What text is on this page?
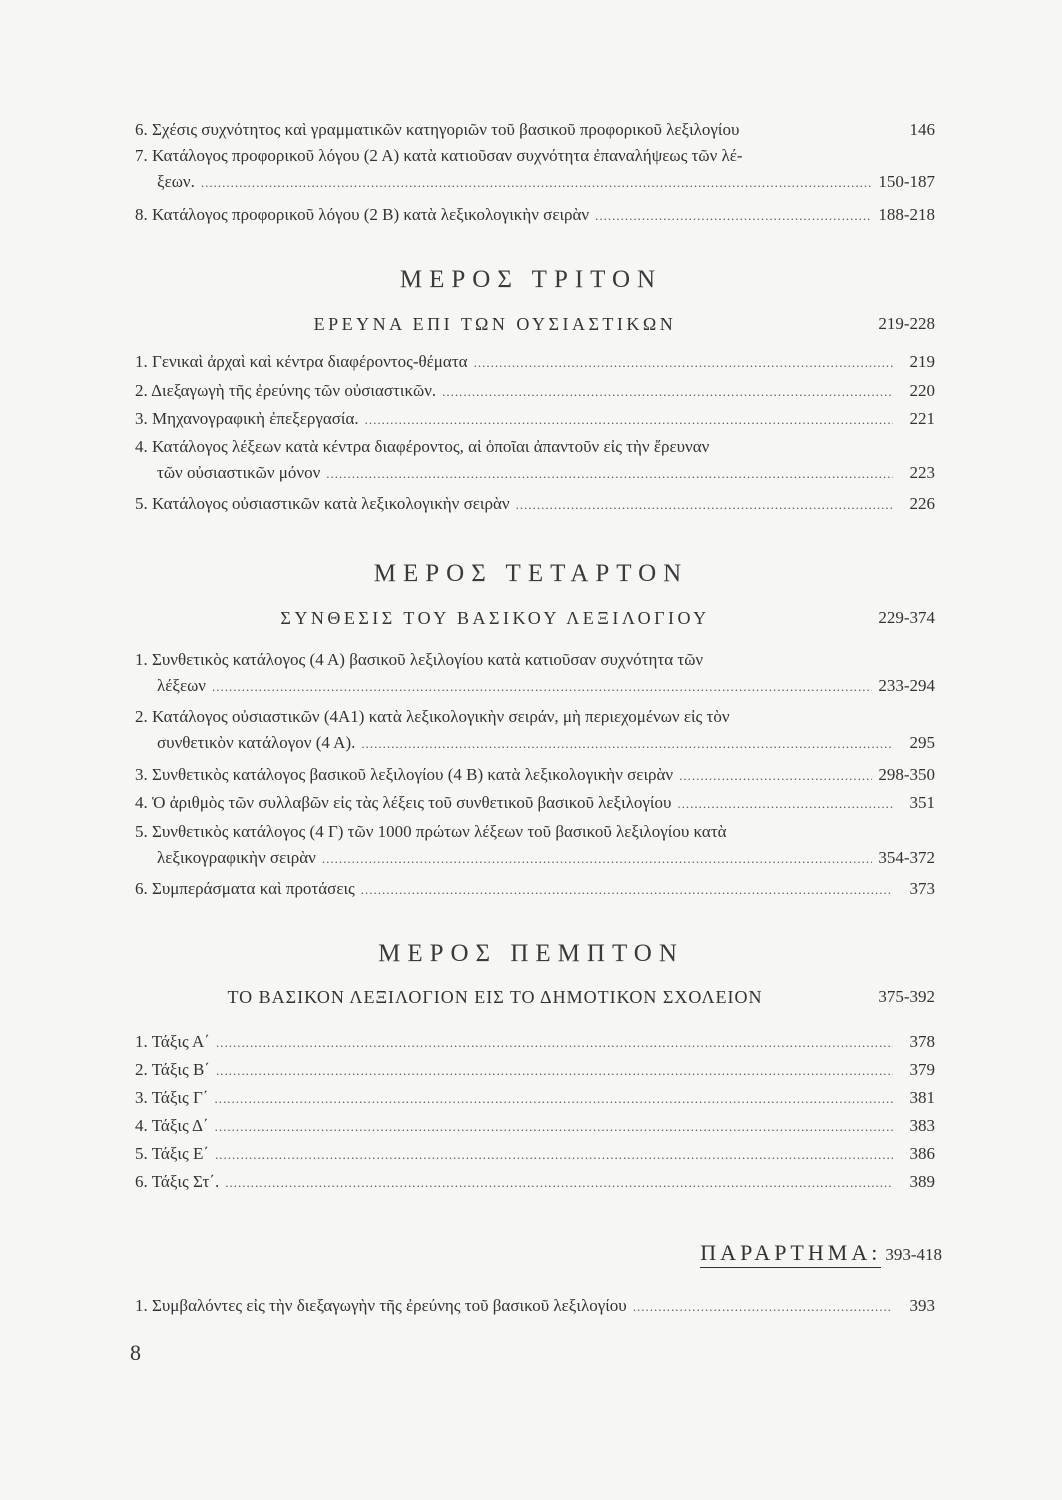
6. Σχέσις συχνότητος καὶ γραμματικῶν κατηγοριῶν τοῦ βασικοῦ προφορικοῦ λεξιλογίου	146
7. Κατάλογος προφορικοῦ λόγου (2 Α) κατὰ κατιοῦσαν συχνότητα ἐπαναλήψεως τῶν λέ-
ξεων. .....	150-187
8. Κατάλογος προφορικοῦ λόγου (2 Β) κατὰ λεξικολογικὴν σειρὰν .....	188-218
ΜΕΡΟΣ ΤΡΙΤΟΝ
ΕΡΕΥΝΑ ΕΠΙ ΤΩΝ ΟΥΣΙΑΣΤΙΚΩΝ	219-228
1. Γενικαὶ ἀρχαὶ καὶ κέντρα διαφέροντος-θέματα .....	219
2. Διεξαγωγὴ τῆς ἐρεύνης τῶν οὐσιαστικῶν. .....	220
3. Μηχανογραφικὴ ἐπεξεργασία. .....	221
4. Κατάλογος λέξεων κατὰ κέντρα διαφέροντος, αἱ ὁποῖαι ἀπαντοῦν εἰς τὴν ἔρευναν
τῶν οὐσιαστικῶν μόνον .....	223
5. Κατάλογος οὐσιαστικῶν κατὰ λεξικολογικὴν σειρὰν .....	226
ΜΕΡΟΣ ΤΕΤΑΡΤΟΝ
ΣΥΝΘΕΣΙΣ ΤΟΥ ΒΑΣΙΚΟΥ ΛΕΞΙΛΟΓΙΟΥ	229-374
1. Συνθετικὸς κατάλογος (4 Α) βασικοῦ λεξιλογίου κατὰ κατιοῦσαν συχνότητα τῶν
λέξεων .....	233-294
2. Κατάλογος οὐσιαστικῶν (4Α1) κατὰ λεξικολογικὴν σειράν, μὴ περιεχομένων εἰς τὸν
συνθετικὸν κατάλογον (4 Α). .....	295
3. Συνθετικὸς κατάλογος βασικοῦ λεξιλογίου (4 Β) κατὰ λεξικολογικὴν σειρὰν .....	298-350
4. Ὁ ἀριθμὸς τῶν συλλαβῶν εἰς τὰς λέξεις τοῦ συνθετικοῦ βασικοῦ λεξιλογίου .....	351
5. Συνθετικὸς κατάλογος (4 Γ) τῶν 1000 πρώτων λέξεων τοῦ βασικοῦ λεξιλογίου κατὰ
λεξικογραφικὴν σειρὰν .....	354-372
6. Συμπεράσματα καὶ προτάσεις .....	373
ΜΕΡΟΣ ΠΕΜΠΤΟΝ
ΤΟ ΒΑΣΙΚΟΝ ΛΕΞΙΛΟΓΙΟΝ ΕΙΣ ΤΟ ΔΗΜΟΤΙΚΟΝ ΣΧΟΛΕΙΟΝ	375-392
1. Τάξις Α΄ .....	378
2. Τάξις Β΄ .....	379
3. Τάξις Γ΄ .....	381
4. Τάξις Δ΄ .....	383
5. Τάξις Ε΄ .....	386
6. Τάξις Στ΄. .....	389
ΠΑΡΑΡΤΗΜΑ: 393-418
1. Συμβαλόντες εἰς τὴν διεξαγωγὴν τῆς ἐρεύνης τοῦ βασικοῦ λεξιλογίου .....	393
8
